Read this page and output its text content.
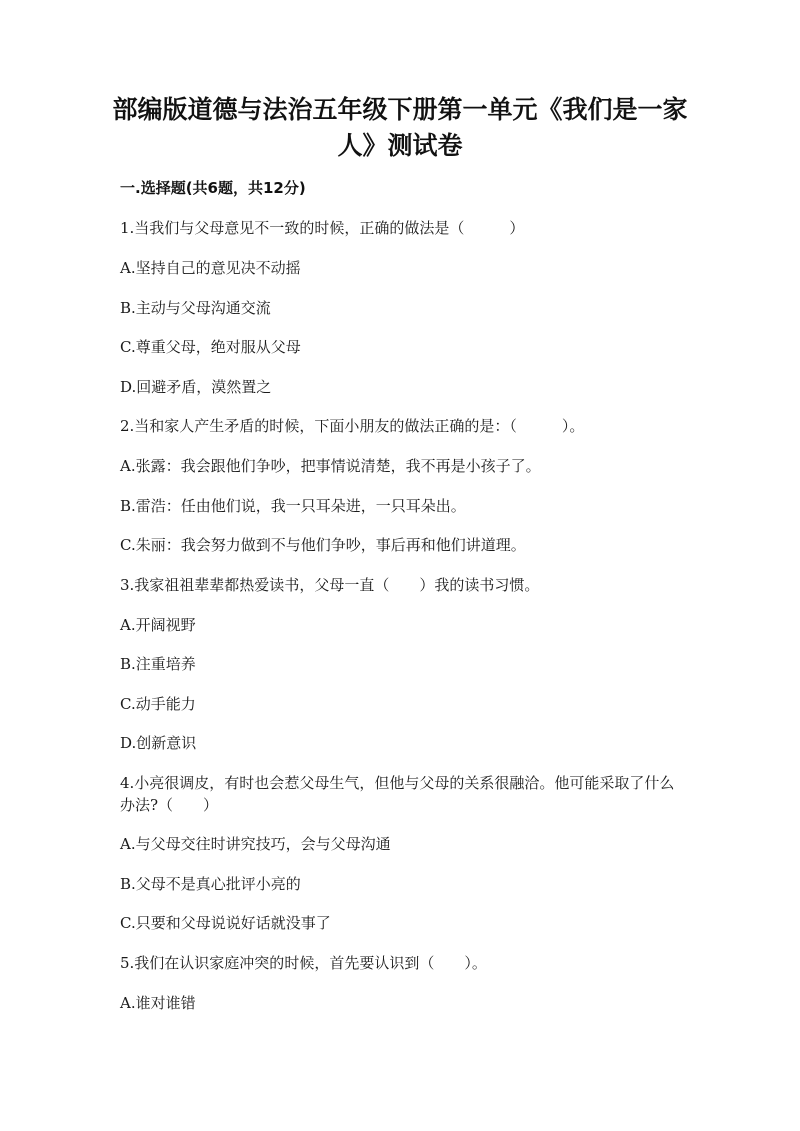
部编版道德与法治五年级下册第一单元《我们是一家人》测试卷
一.选择题(共6题，共12分)
1.当我们与父母意见不一致的时候，正确的做法是（　　　）
A.坚持自己的意见决不动摇
B.主动与父母沟通交流
C.尊重父母，绝对服从父母
D.回避矛盾，漠然置之
2.当和家人产生矛盾的时候，下面小朋友的做法正确的是：（　　　）。
A.张露：我会跟他们争吵，把事情说清楚，我不再是小孩子了。
B.雷浩：任由他们说，我一只耳朵进，一只耳朵出。
C.朱丽：我会努力做到不与他们争吵，事后再和他们讲道理。
3.我家祖祖辈辈都热爱读书，父母一直（　　）我的读书习惯。
A.开阔视野
B.注重培养
C.动手能力
D.创新意识
4.小亮很调皮，有时也会惹父母生气，但他与父母的关系很融洽。他可能采取了什么办法?（　　）
A.与父母交往时讲究技巧，会与父母沟通
B.父母不是真心批评小亮的
C.只要和父母说说好话就没事了
5.我们在认识家庭冲突的时候，首先要认识到（　　）。
A.谁对谁错
